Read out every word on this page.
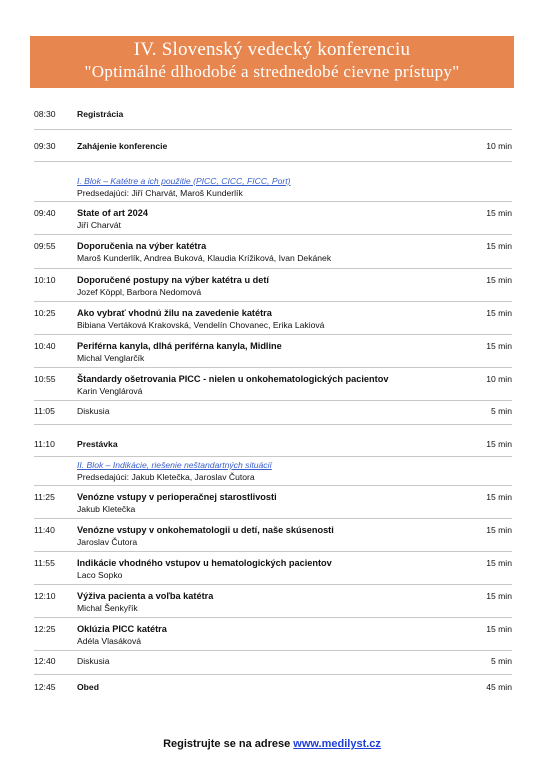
IV. Slovenský vedecký konferenciu
"Optimálné dlhodobé a strednedobé cievne prístupy"
08:30 Registrácia
09:30 Zahájenie konferencie	10 min
I. Blok – Katétre a ich použitie (PICC, CICC, FICC, Port)
Predsedajúci: Jiří Charvát, Maroš Kunderlík
09:40 State of art 2024	15 min
Jiří Charvát
09:55 Doporučenia na výber katétra	15 min
Maroš Kunderlík, Andrea Buková, Klaudia Krížiková, Ivan Dekánek
10:10 Doporučené postupy na výber katétra u detí	15 min
Jozef Köppl, Barbora Nedomová
10:25 Ako vybrať vhodnú žilu na zavedenie katétra	15 min
Bibiana Vertáková Krakovská, Vendelín Chovanec, Erika Lakiová
10:40 Periférna kanyla, dlhá periférna kanyla, Midline	15 min
Michal Venglarčík
10:55 Štandardy ošetrovania PICC - nielen u onkohematologických pacientov	10 min
Karin Venglárová
11:05	Diskusia	5 min
11:10	Prestávka	15 min
II. Blok – Indikácie, riešenie neštandartných situácií
Predsedajúci: Jakub Kletečka, Jaroslav Čutora
11:25 Venózne vstupy v perioperačnej starostlivosti	15 min
Jakub Kletečka
11:40 Venózne vstupy v onkohematologii u detí, naše skúsenosti	15 min
Jaroslav Čutora
11:55 Indikácie vhodného vstupov u hematologických pacientov	15 min
Laco Sopko
12:10 Výživa pacienta a voľba katétra	15 min
Michal Šenkyřík
12:25 Oklúzia PICC katétra	15 min
Adéla Vlasáková
12:40 Diskusia	5 min
12:45 Obed	45 min
Registrujte se na adrese www.medilyst.cz
